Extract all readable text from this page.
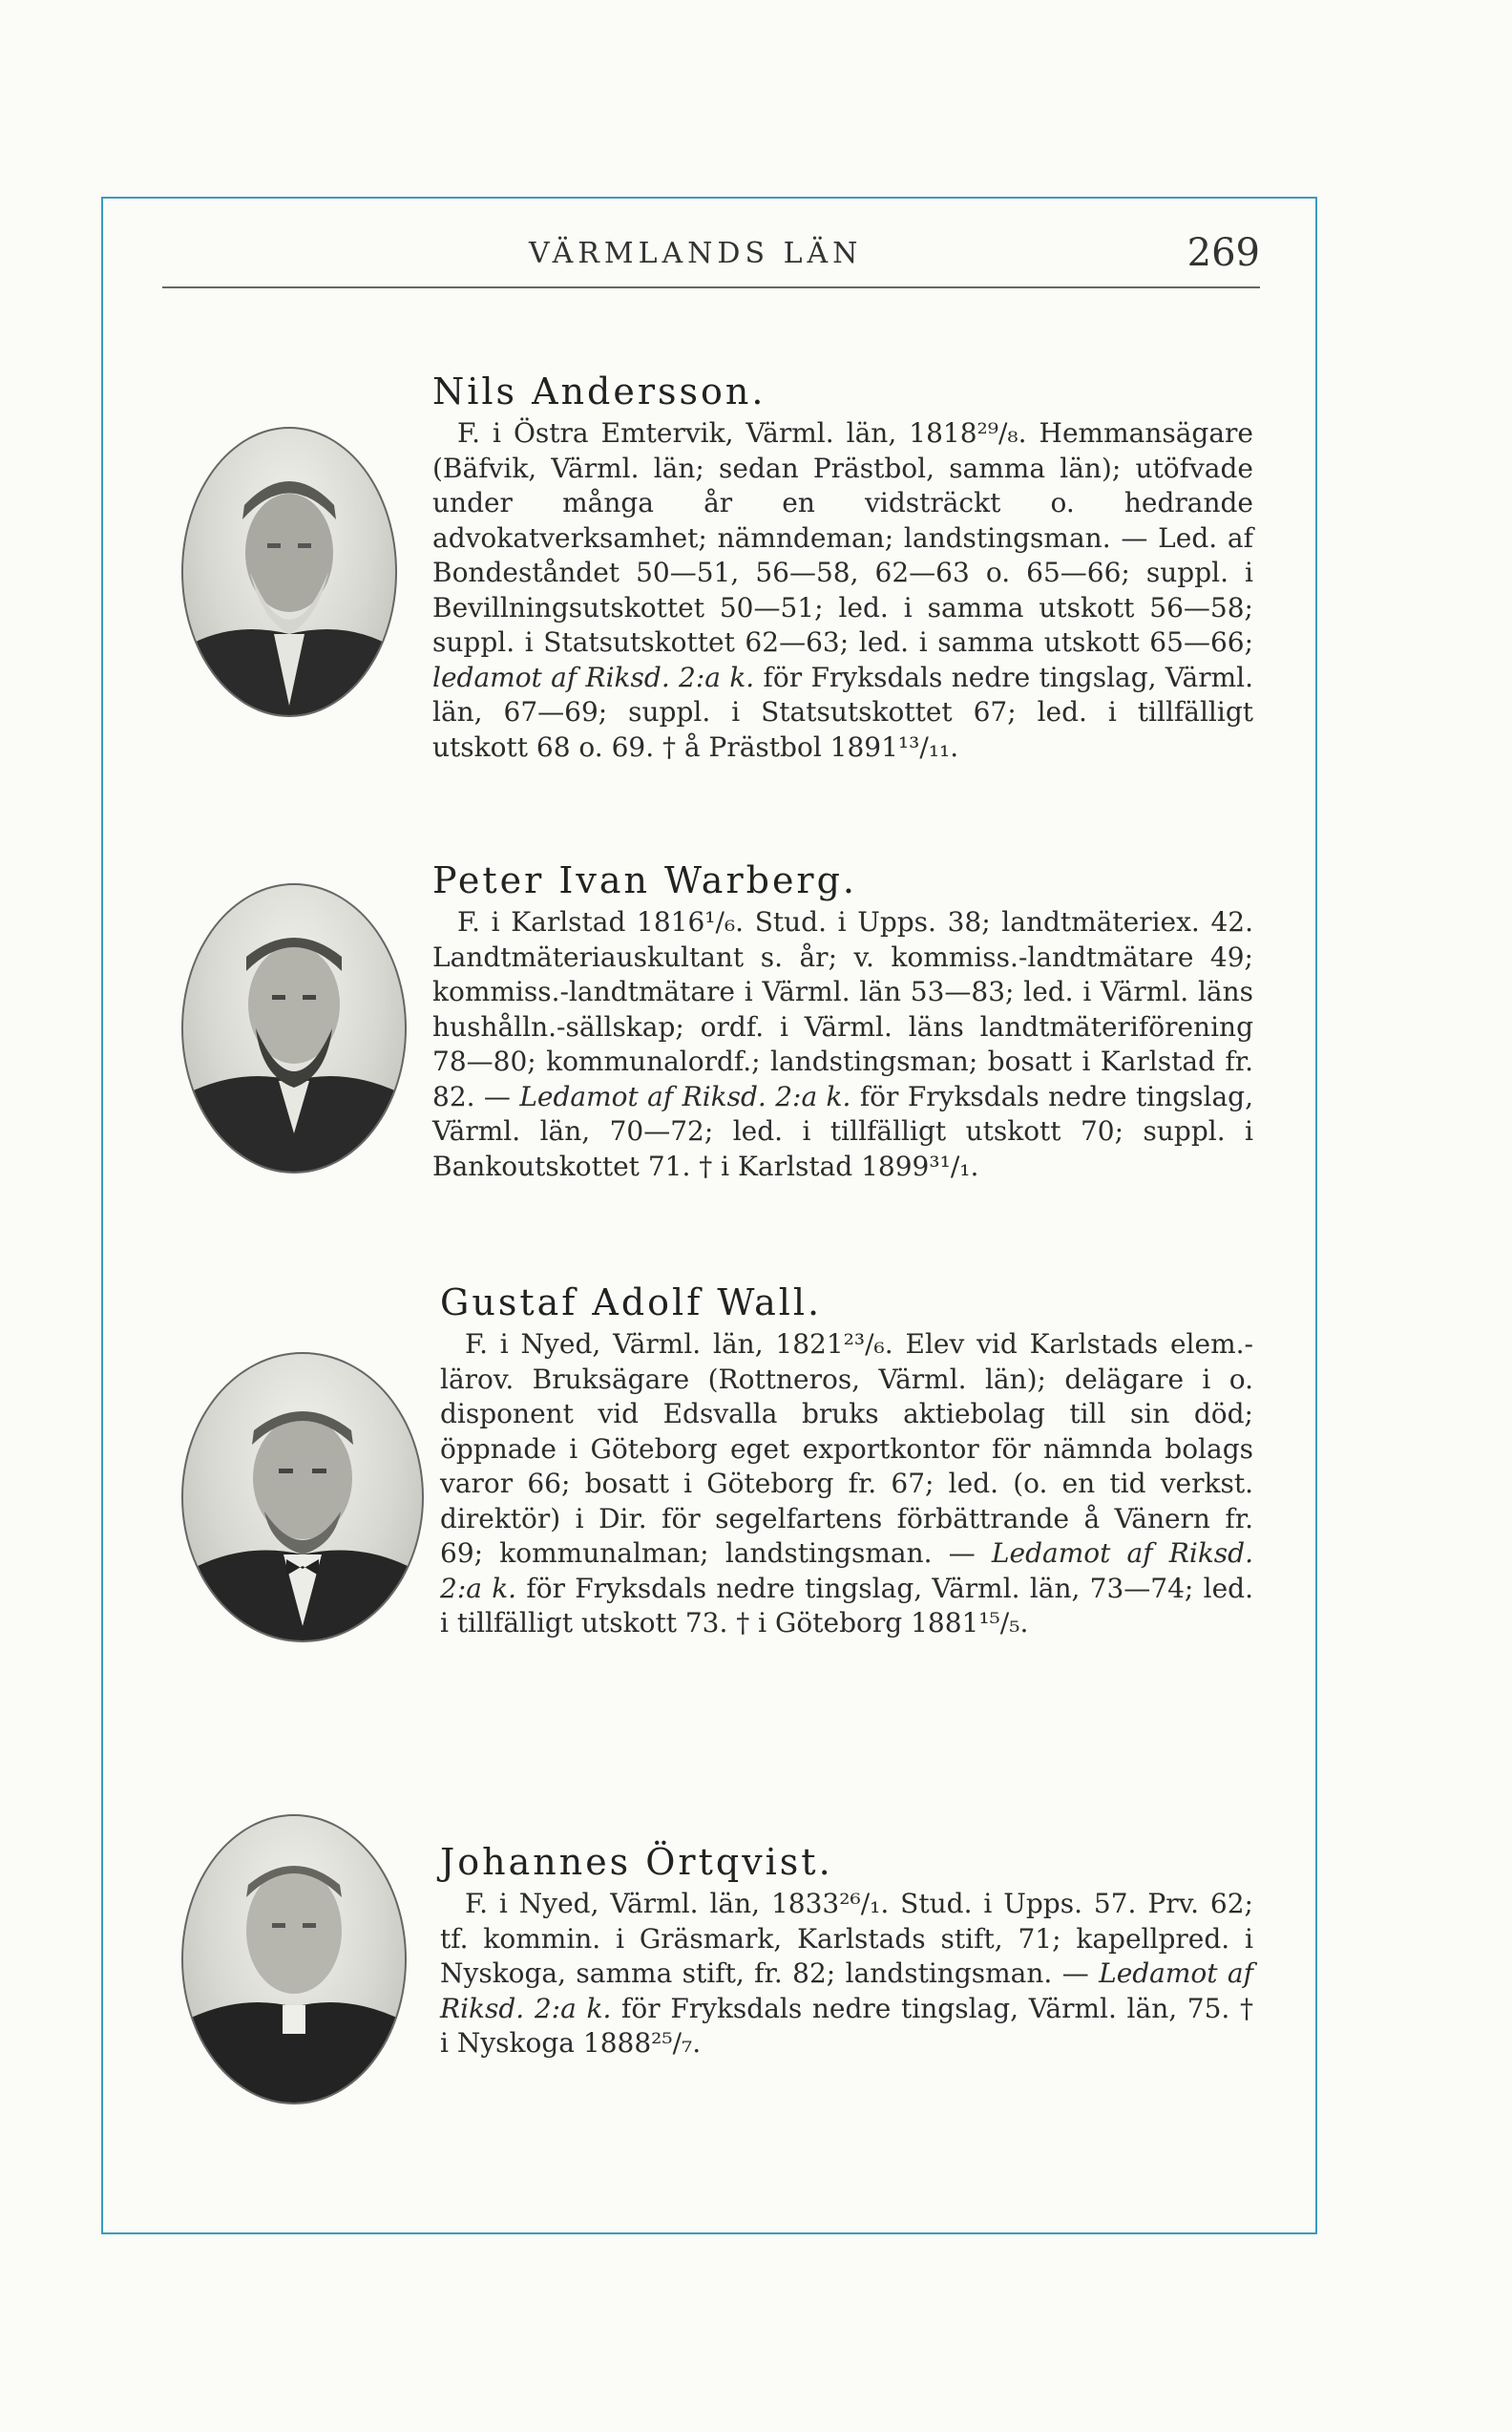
VÄRMLANDS LÄN	269
Nils Andersson.

F. i Östra Emtervik, Värml. län, 1818²⁹/₈. Hemmansägare (Bäfvik, Värml. län; sedan Prästbol, samma län); utöfvade under många år en vidsträckt o. hedrande advokatverksamhet; nämndeman; landstingsman. — Led. af Bondeståndet 50—51, 56—58, 62—63 o. 65—66; suppl. i Bevillningsutskottet 50—51; led. i samma utskott 56—58; suppl. i Statsutskottet 62—63; led. i samma utskott 65—66; ledamot af Riksd. 2:a k. för Fryksdals nedre tingslag, Värml. län, 67—69; suppl. i Statsutskottet 67; led. i tillfälligt utskott 68 o. 69. † å Prästbol 1891¹³/₁₁.

Peter Ivan Warberg.

F. i Karlstad 1816¹/₆. Stud. i Upps. 38; landtmäteriex. 42. Landtmäteriauskultant s. år; v. kommiss.-landtmätare 49; kommiss.-landtmätare i Värml. län 53—83; led. i Värml. läns hushålln.-sällskap; ordf. i Värml. läns landtmäteriförening 78—80; kommunalordf.; landstingsman; bosatt i Karlstad fr. 82. — Ledamot af Riksd. 2:a k. för Fryksdals nedre tingslag, Värml. län, 70—72; led. i tillfälligt utskott 70; suppl. i Bankoutskottet 71. † i Karlstad 1899³¹/₁.

Gustaf Adolf Wall.

F. i Nyed, Värml. län, 1821²³/₆. Elev vid Karlstads elem.-lärov. Bruksägare (Rottneros, Värml. län); delägare i o. disponent vid Edsvalla bruks aktiebolag till sin död; öppnade i Göteborg eget exportkontor för nämnda bolags varor 66; bosatt i Göteborg fr. 67; led. (o. en tid verkst. direktör) i Dir. för segelfartens förbättrande å Vänern fr. 69; kommunalman; landstingsman. — Ledamot af Riksd. 2:a k. för Fryksdals nedre tingslag, Värml. län, 73—74; led. i tillfälligt utskott 73. † i Göteborg 1881¹⁵/₅.

Johannes Örtqvist.

F. i Nyed, Värml. län, 1833²⁶/₁. Stud. i Upps. 57. Prv. 62; tf. kommin. i Gräsmark, Karlstads stift, 71; kapellpred. i Nyskoga, samma stift, fr. 82; landstingsman. — Ledamot af Riksd. 2:a k. för Fryksdals nedre tingslag, Värml. län, 75. † i Nyskoga 1888²⁵/₇.
